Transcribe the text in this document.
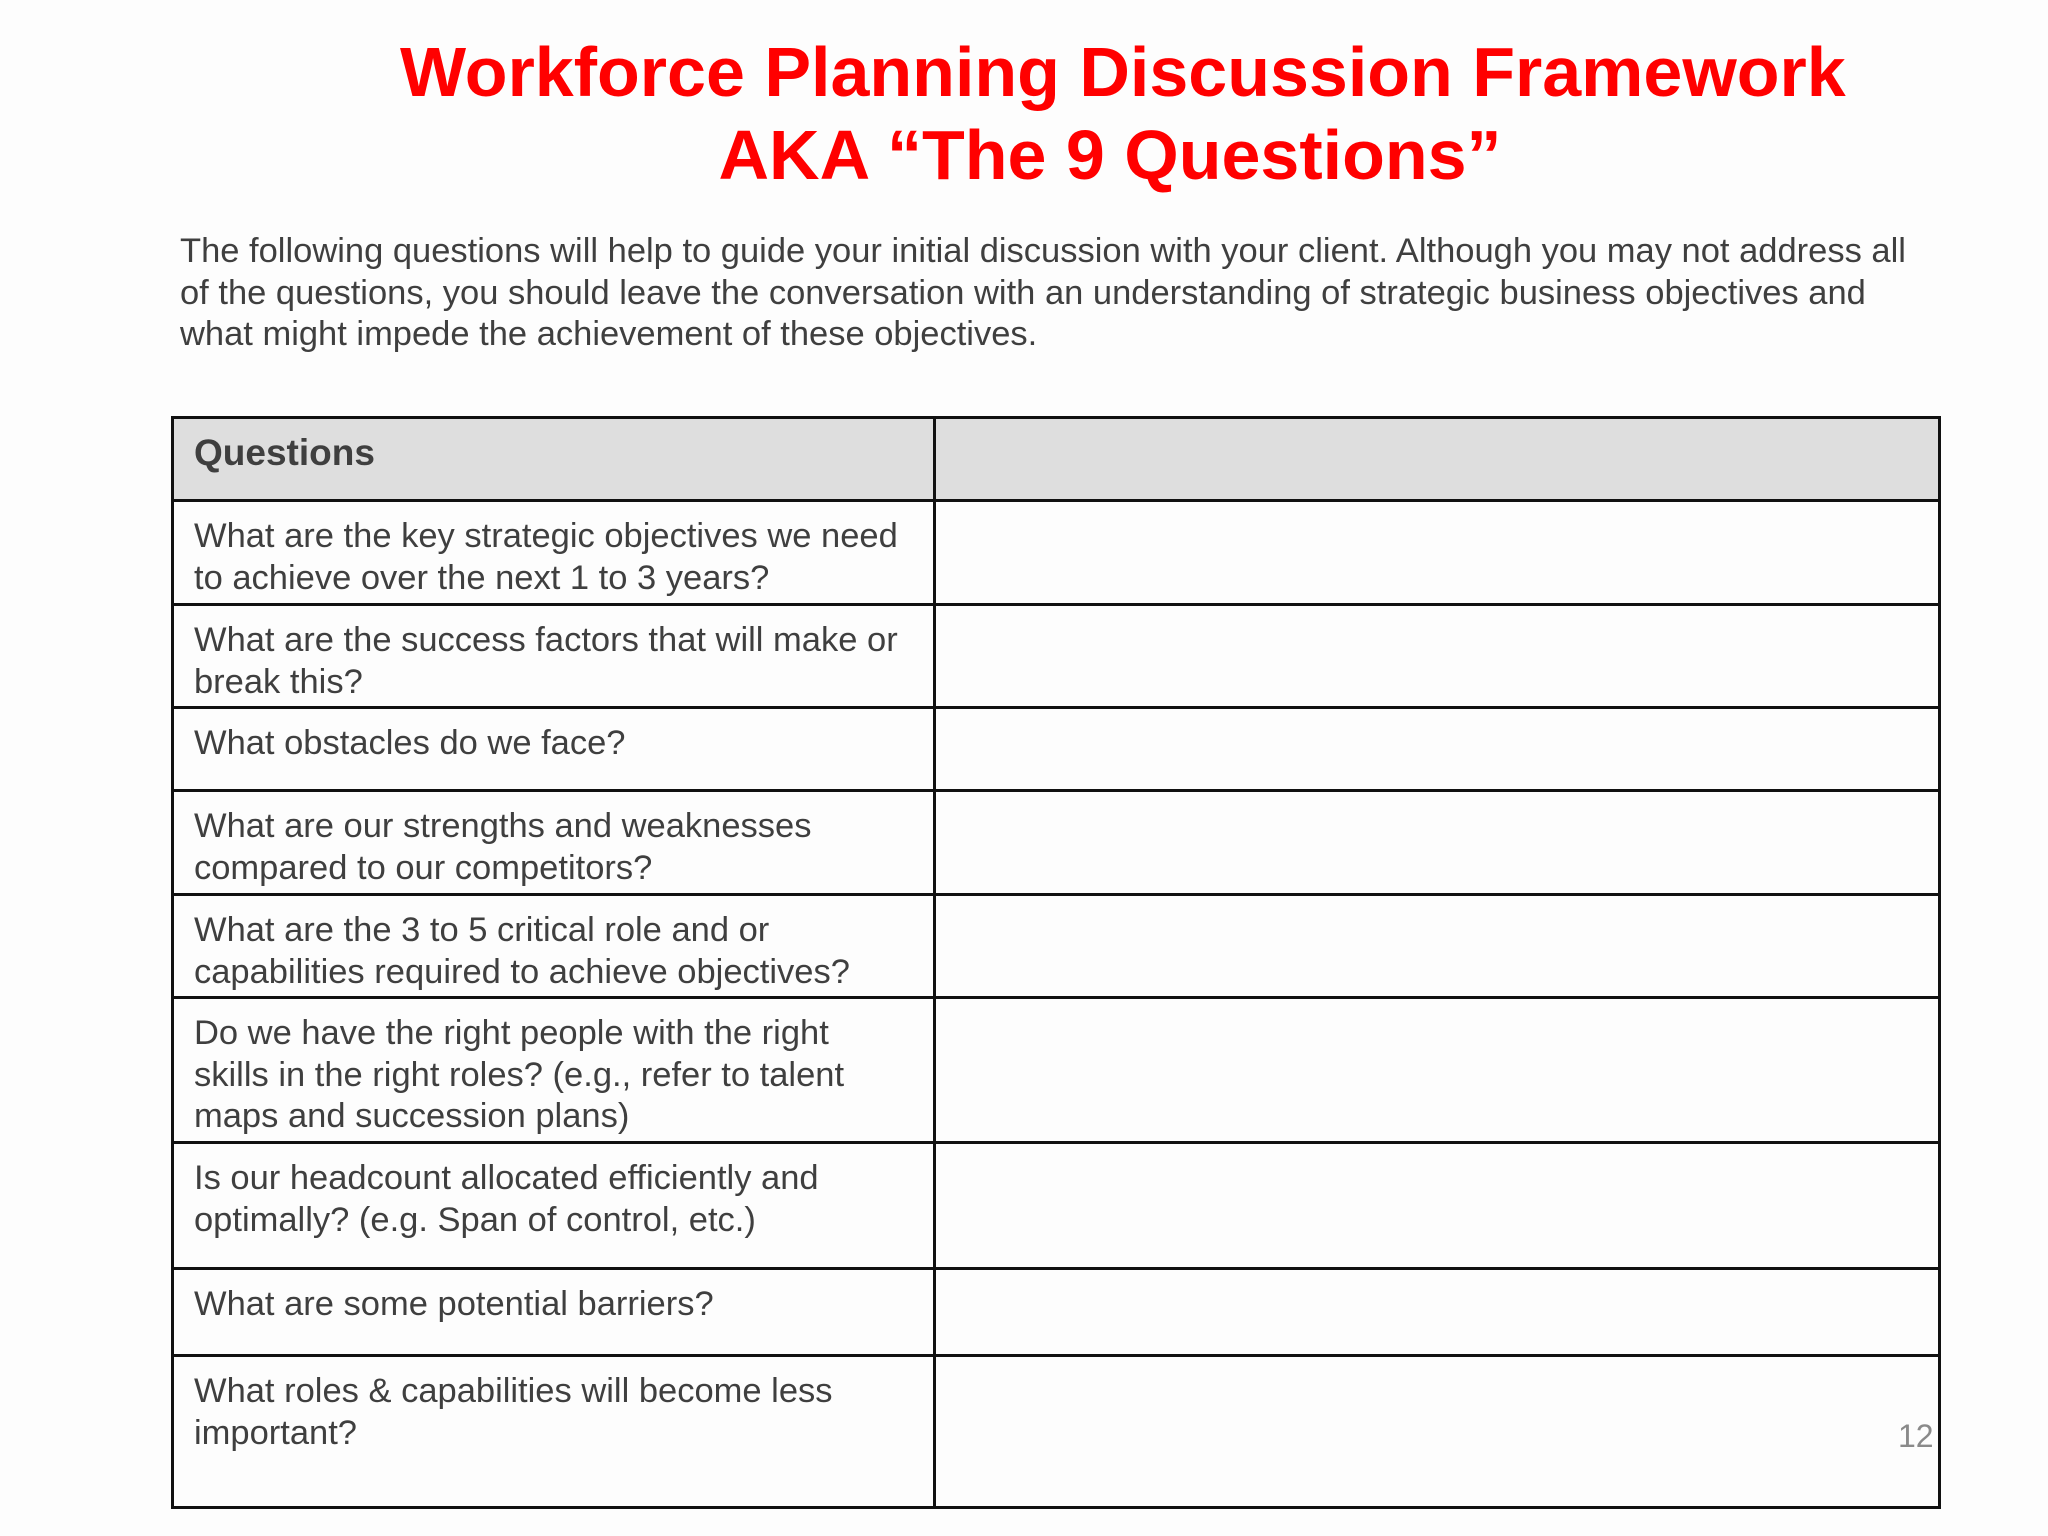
Workforce Planning Discussion Framework
AKA “The 9 Questions”
The following questions will help to guide your initial discussion with your client. Although you may not address all of the questions, you should leave the conversation with an understanding of strategic business objectives and what might impede the achievement of these objectives.
Questions	
What are the key strategic objectives we need to achieve over the next 1 to 3 years?	
What are the success factors that will make or break this?	
What obstacles do we face?	
What are our strengths and weaknesses compared to our competitors?	
What are the 3 to 5 critical role and or capabilities required to achieve objectives?	
Do we have the right people with the right skills in the right roles? (e.g., refer to talent maps and succession plans)	
Is our headcount allocated efficiently and optimally? (e.g. Span of control, etc.)	
What are some potential barriers?	
What roles & capabilities will become less important?		12
